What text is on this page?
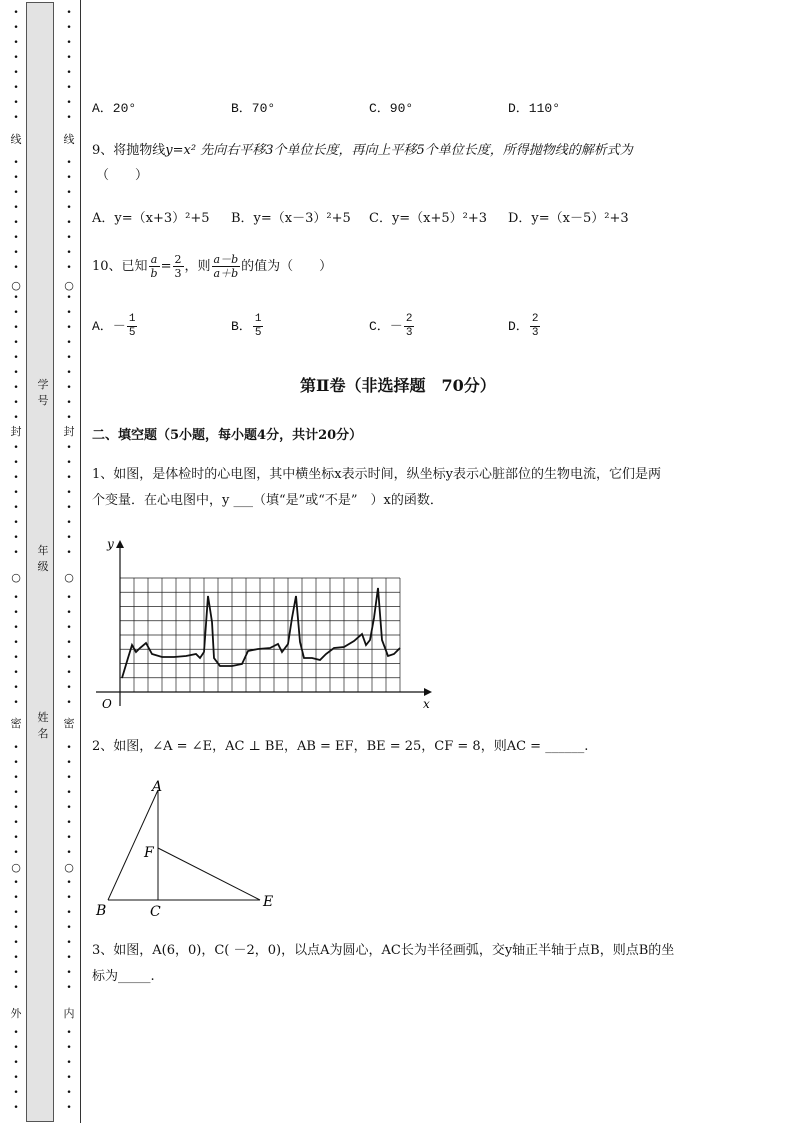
•
•
•
•
•
•
•
•
•
•
•
•
•
•
•
•
•
•
•
•
•
•
•
•
•
•
•
•
•
•
•
•
•
•
•
•
•
•
•
•
•
•
•
•
•
•
•
•
•
•
•
•
•
•
•
•
•
•
•
•
•
•
•
线
○
封
○
密
○
外
•
•
•
•
•
•
•
•
•
•
•
•
•
•
•
•
•
•
•
•
•
•
•
•
•
•
•
•
•
•
•
•
•
•
•
•
•
•
•
•
•
•
•
•
•
•
•
•
•
•
•
•
•
•
•
•
•
•
•
•
•
•
•
线
○
封
○
密
○
内
学
号
年
级
姓
名
A．20°	B．70°	C．90°	D．110°
9、将抛物线y=x² 先向右平移3个单位长度，再向上平移5个单位长度，所得抛物线的解析式为
（　　）
A．y=（x+3）²+5 B．y=（x－3）²+5 C．y=（x+5）²+3 D．y=（x－5）²+3
10、已知 $\frac{a}{b} = \frac{2}{3}$ ，则 $\frac{a-b}{a+b}$ 的值为（　　）
A．－ $\frac{1}{5}$	B． $\frac{1}{5}$	C．－ $\frac{2}{3}$	D． $\frac{2}{3}$
第Ⅱ卷（非选择题　70分）
二、填空题（5小题，每小题4分，共计20分）
1、如图，是体检时的心电图，其中横坐标x表示时间，纵坐标y表示心脏部位的生物电流，它们是两
个变量．在心电图中，y ___（填“是”或“不是”　）x的函数．
y
x
O
2、如图，∠A = ∠E，AC ⊥ BE，AB = EF，BE = 25，CF = 8，则AC = ______.
A
B	C
E
F
3、如图，A(6，0)，C( －2，0)，以点A为圆心，AC长为半径画弧，交y轴正半轴于点B，则点B的坐
标为_____.
